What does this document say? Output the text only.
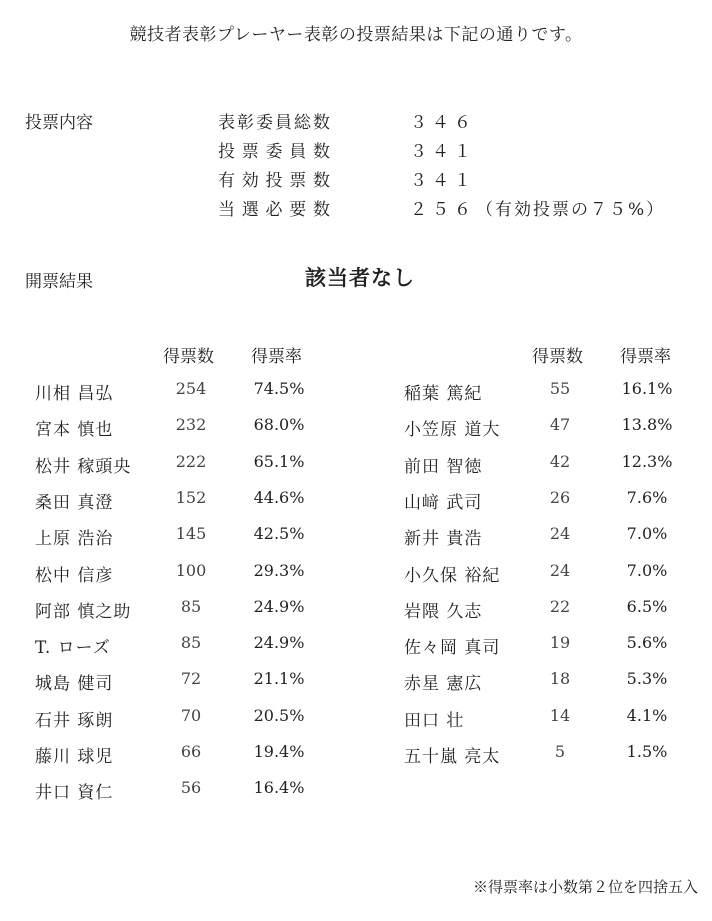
競技者表彰プレーヤー表彰の投票結果は下記の通りです。
投票内容	表 彰 委 員 総 数	３４６
投 票 委 員 数	３４１
有 効 投 票 数	３４１
当 選 必 要 数	２５６（有効投票の７５%）
開票結果	該当者なし
得票数 得票率	得票数 得票率
川相 昌弘	254	74.5%
宮本 慎也	232	68.0%
松井 稼頭央	222	65.1%
桑田 真澄	152	44.6%
上原 浩治	145	42.5%
松中 信彦	100	29.3%
阿部 慎之助	85	24.9%
T. ローズ	85	24.9%
城島 健司	72	21.1%
石井 琢朗	70	20.5%
藤川 球児	66	19.4%
井口 資仁	56	16.4%
稲葉 篤紀	55	16.1%
小笠原 道大	47	13.8%
前田 智徳	42	12.3%
山﨑 武司	26	7.6%
新井 貴浩	24	7.0%
小久保 裕紀	24	7.0%
岩隈 久志	22	6.5%
佐々岡 真司	19	5.6%
赤星 憲広	18	5.3%
田口 壮	14	4.1%
五十嵐 亮太	5	1.5%
※得票率は小数第２位を四捨五入
